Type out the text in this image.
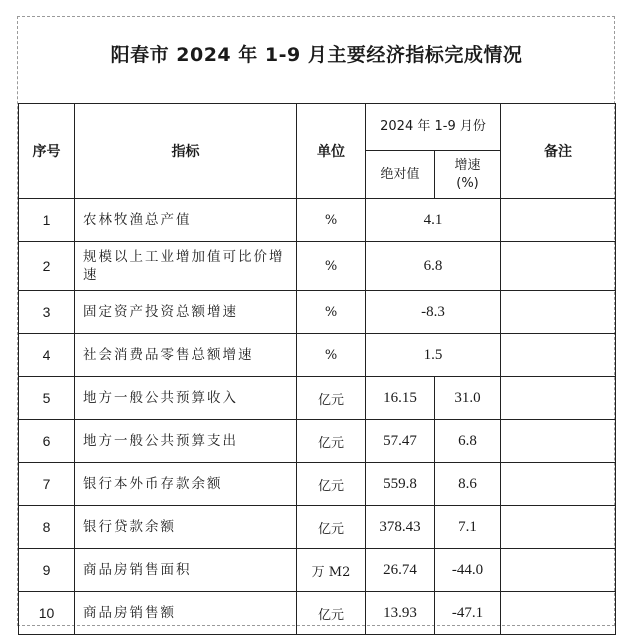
阳春市 2024 年 1-9 月主要经济指标完成情况
序号	指标	单位	2024 年 1-9 月份		备注
			绝对值	增速
(%)	

1	农林牧渔总产值	%	4.1		
2	规模以上工业增加值可比价增速	%	6.8		
3	固定资产投资总额增速	%	-8.3		
4	社会消费品零售总额增速	%	1.5		
5	地方一般公共预算收入	亿元	16.15	31.0	
6	地方一般公共预算支出	亿元	57.47	6.8	
7	银行本外币存款余额	亿元	559.8	8.6	
8	银行贷款余额	亿元	378.43	7.1	
9	商品房销售面积	万 M2	26.74	-44.0	
10	商品房销售额	亿元	13.93	-47.1	
